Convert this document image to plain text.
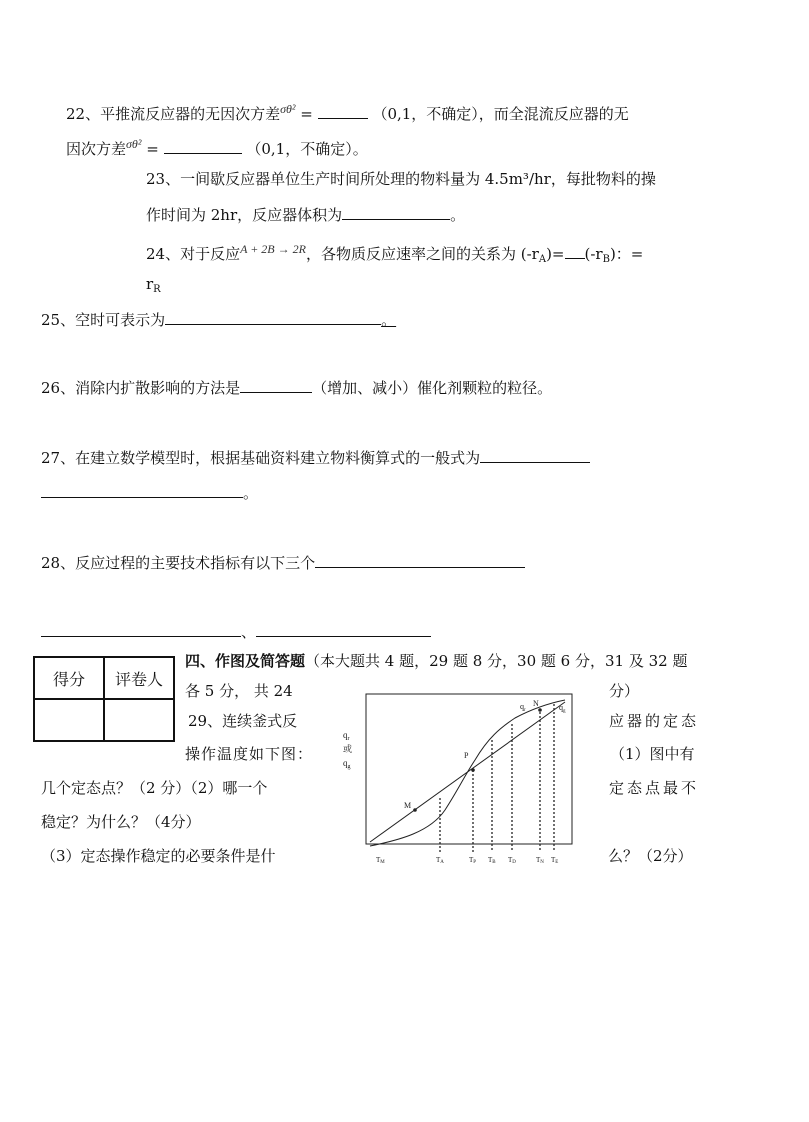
22、平推流反应器的无因次方差$^{\sigma\theta^2}$ =	（0,1，不确定），而全混流反应器的无
因次方差$^{\sigma\theta^2}$ =	（0,1，不确定）。
23、一间歇反应器单位生产时间所处理的物料量为 4.5m³/hr，每批物料的操
作时间为 2hr，反应器体积为	。
24、对于反应$^{A + 2B \to 2R}$，各物质反应速率之间的关系为 $(-r_A)= (-r_B)$：=
$r_R$
25、空时可表示为	。
26、消除内扩散影响的方法是	（增加、减小）催化剂颗粒的粒径。
27、在建立数学模型时，根据基础资料建立物料衡算式的一般式为
。
28、反应过程的主要技术指标有以下三个
、
得分	评卷人

四、作图及简答题（本大题共 4 题，29 题 8 分，30 题 6 分，31 及 32 题
各 5 分， 共 24	分）
29、连续釜式反	应器的定态
操作温度如下图：	（1）图中有
几个定态点？（2 分）（2）哪一个	定态点最不
稳定？为什么？（4分）
（3）定态操作稳定的必要条件是什	么？（2分）
$q_r$
或
$q_g$
M
P
N
$q_r$	$q_g$
TM	TA	TP TB TD	TN TE
